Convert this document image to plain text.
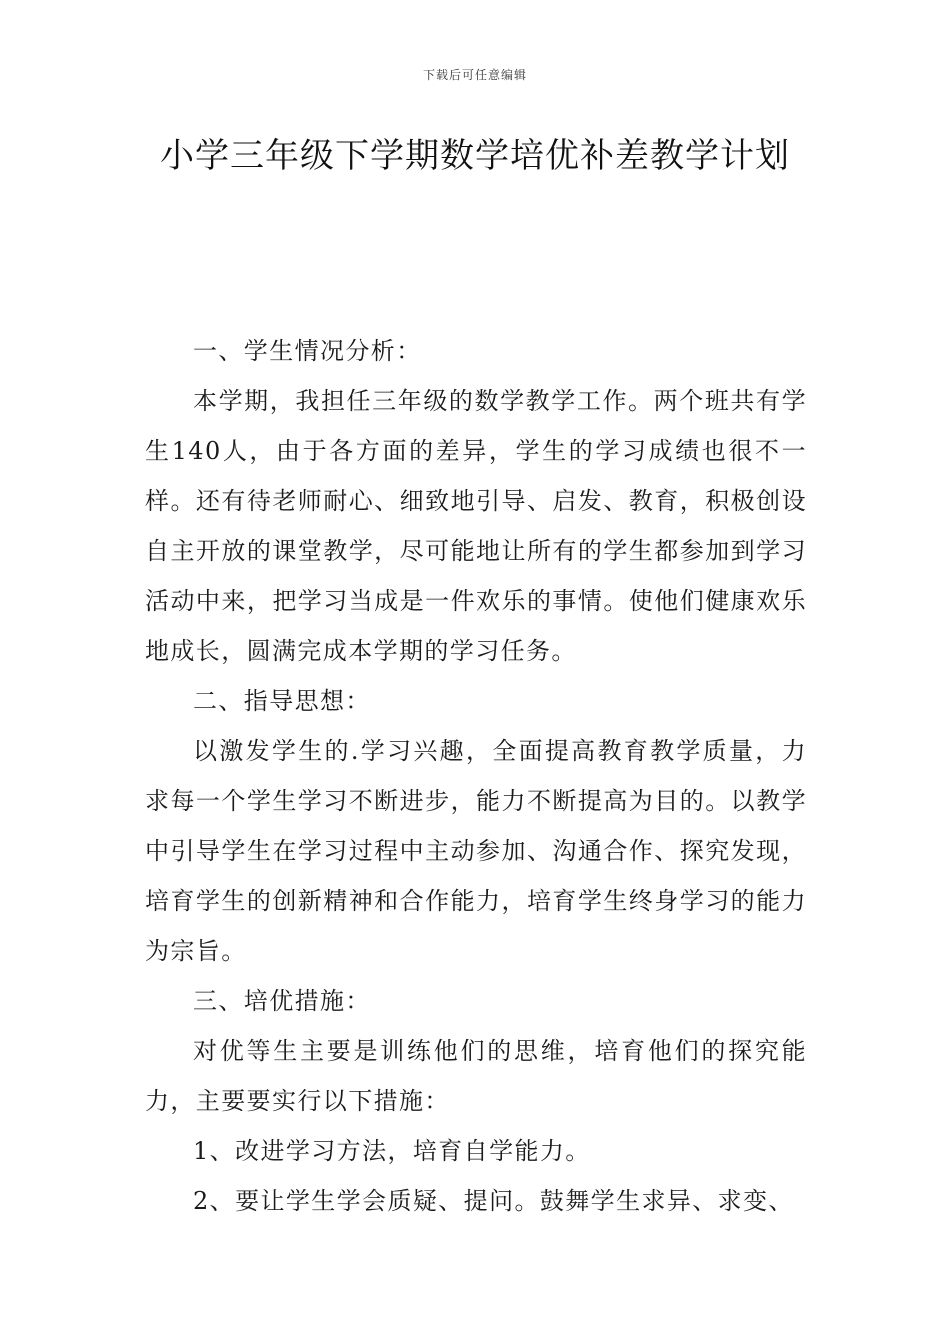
下载后可任意编辑
小学三年级下学期数学培优补差教学计划

一、学生情况分析：

本学期，我担任三年级的数学教学工作。两个班共有学生140人，由于各方面的差异，学生的学习成绩也很不一样。还有待老师耐心、细致地引导、启发、教育，积极创设自主开放的课堂教学，尽可能地让所有的学生都参加到学习活动中来，把学习当成是一件欢乐的事情。使他们健康欢乐地成长，圆满完成本学期的学习任务。

二、指导思想：

以激发学生的.学习兴趣，全面提高教育教学质量，力求每一个学生学习不断进步，能力不断提高为目的。以教学中引导学生在学习过程中主动参加、沟通合作、探究发现，培育学生的创新精神和合作能力，培育学生终身学习的能力为宗旨。

三、培优措施：

对优等生主要是训练他们的思维，培育他们的探究能力，主要要实行以下措施：

1、改进学习方法，培育自学能力。

2、要让学生学会质疑、提问。鼓舞学生求异、求变、
